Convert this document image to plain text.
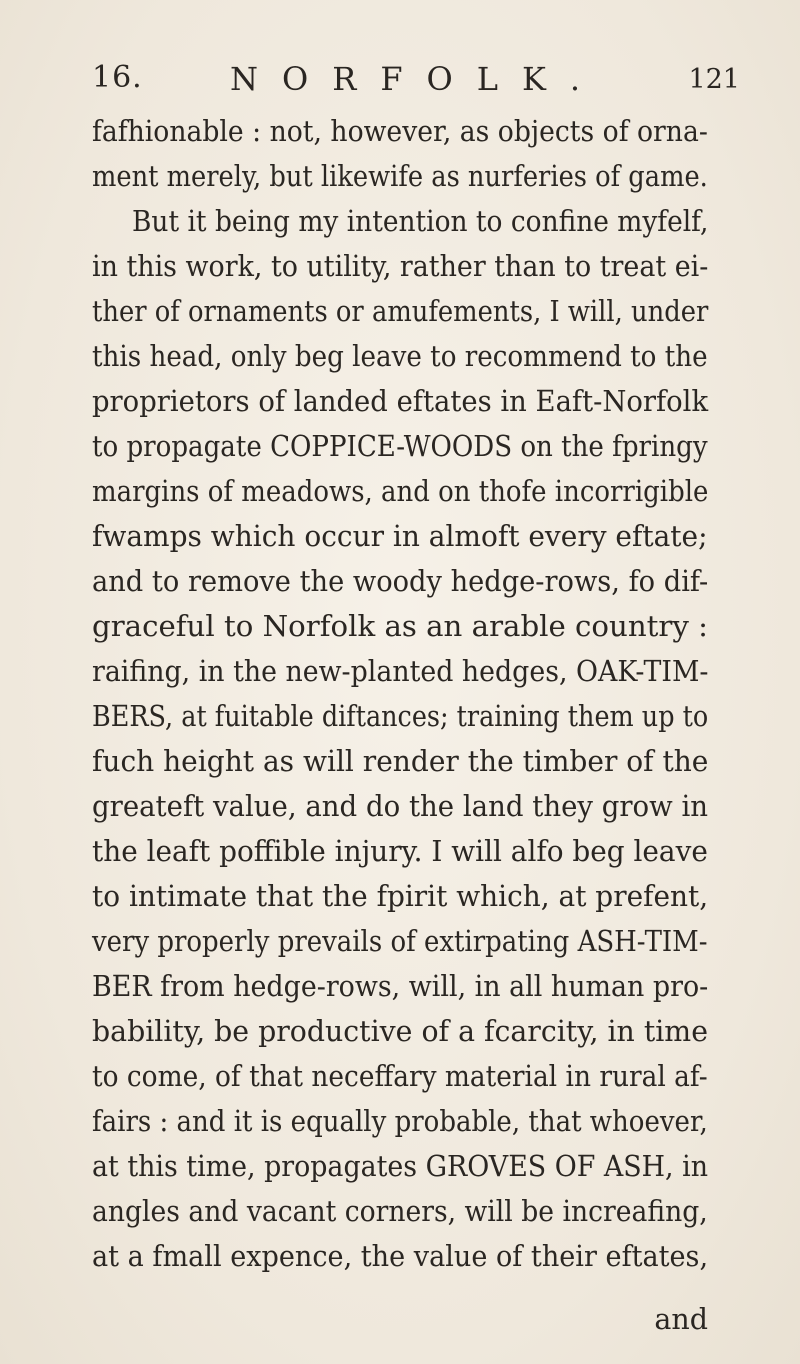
16.	NORFOLK.	121
fafhionable : not, however, as objects of orna-
ment merely, but likewife as nurferies of game.
But it being my intention to confine myfelf,
in this work, to utility, rather than to treat ei-
ther of ornaments or amufements, I will, under
this head, only beg leave to recommend to the
proprietors of landed eftates in Eaft-Norfolk
to propagate COPPICE-WOODS on the fpringy
margins of meadows, and on thofe incorrigible
fwamps which occur in almoft every eftate;
and to remove the woody hedge-rows, fo dif-
graceful to Norfolk as an arable country :
raifing, in the new-planted hedges, OAK-TIM-
BERS, at fuitable diftances; training them up to
fuch height as will render the timber of the
greateft value, and do the land they grow in
the leaft poffible injury. I will alfo beg leave
to intimate that the fpirit which, at prefent,
very properly prevails of extirpating ASH-TIM-
BER from hedge-rows, will, in all human pro-
bability, be productive of a fcarcity, in time
to come, of that neceffary material in rural af-
fairs : and it is equally probable, that whoever,
at this time, propagates GROVES OF ASH, in
angles and vacant corners, will be increafing,
at a fmall expence, the value of their eftates,
and
